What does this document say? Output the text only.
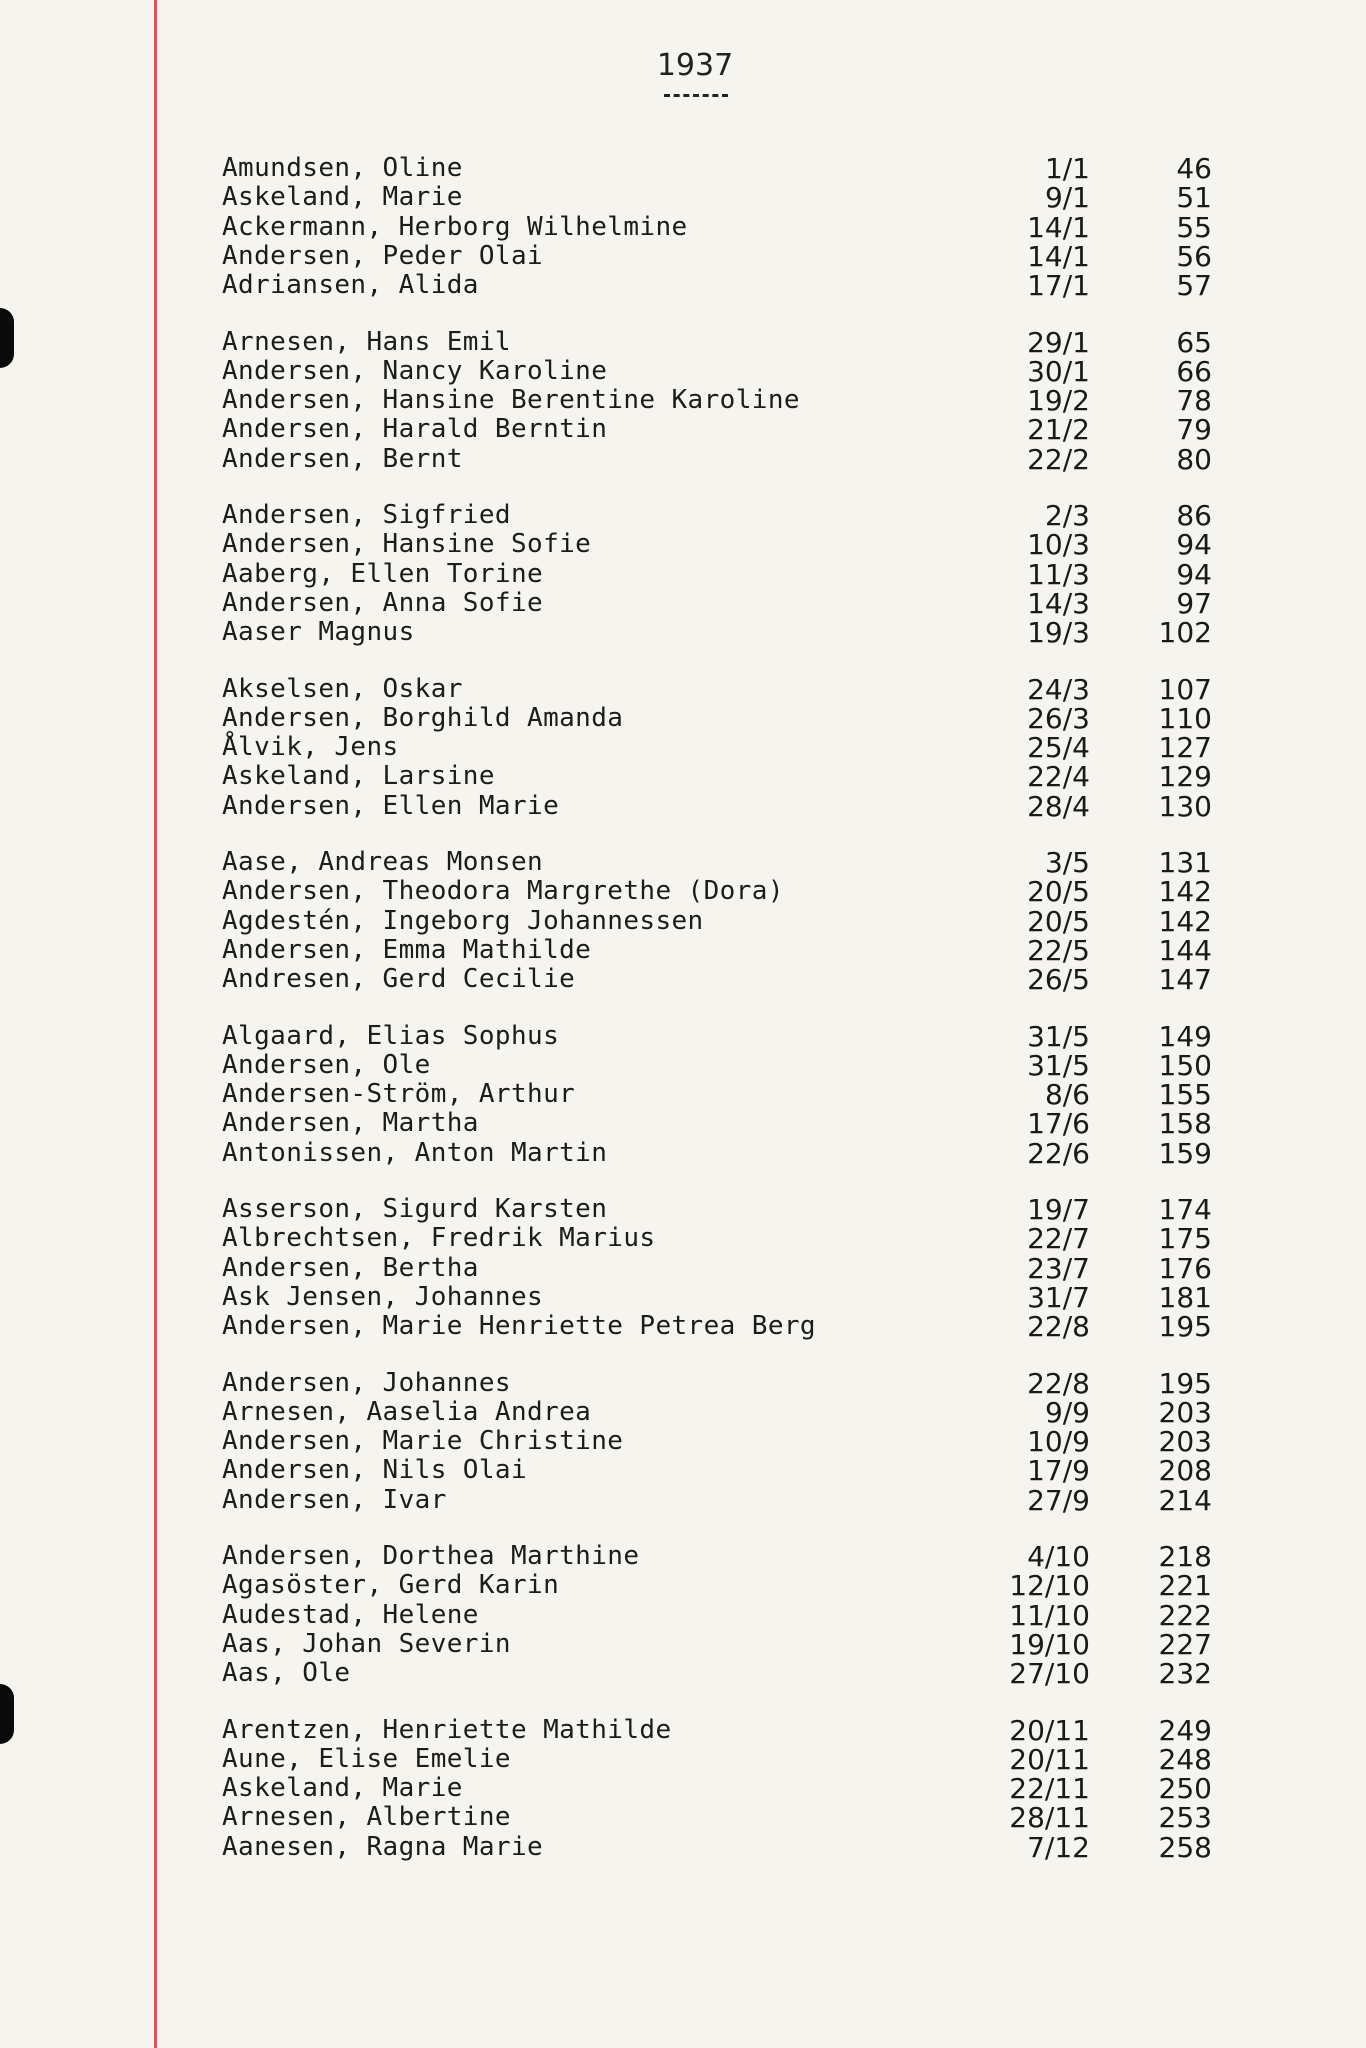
1937
Amundsen, Oline	1/1	46
Askeland, Marie	9/1	51
Ackermann, Herborg Wilhelmine	14/1	55
Andersen, Peder Olai	14/1	56
Adriansen, Alida	17/1	57
Arnesen, Hans Emil	29/1	65
Andersen, Nancy Karoline	30/1	66
Andersen, Hansine Berentine Karoline	19/2	78
Andersen, Harald Berntin	21/2	79
Andersen, Bernt	22/2	80
Andersen, Sigfried	2/3	86
Andersen, Hansine Sofie	10/3	94
Aaberg, Ellen Torine	11/3	94
Andersen, Anna Sofie	14/3	97
Aaser Magnus	19/3	102
Akselsen, Oskar	24/3	107
Andersen, Borghild Amanda	26/3	110
Ålvik, Jens	25/4	127
Askeland, Larsine	22/4	129
Andersen, Ellen Marie	28/4	130
Aase, Andreas Monsen	3/5	131
Andersen, Theodora Margrethe (Dora)	20/5	142
Agdestén, Ingeborg Johannessen	20/5	142
Andersen, Emma Mathilde	22/5	144
Andresen, Gerd Cecilie	26/5	147
Algaard, Elias Sophus	31/5	149
Andersen, Ole	31/5	150
Andersen-Ström, Arthur	8/6	155
Andersen, Martha	17/6	158
Antonissen, Anton Martin	22/6	159
Asserson, Sigurd Karsten	19/7	174
Albrechtsen, Fredrik Marius	22/7	175
Andersen, Bertha	23/7	176
Ask Jensen, Johannes	31/7	181
Andersen, Marie Henriette Petrea Berg	22/8	195
Andersen, Johannes	22/8	195
Arnesen, Aaselia Andrea	9/9	203
Andersen, Marie Christine	10/9	203
Andersen, Nils Olai	17/9	208
Andersen, Ivar	27/9	214
Andersen, Dorthea Marthine	4/10	218
Agasöster, Gerd Karin	12/10	221
Audestad, Helene	11/10	222
Aas, Johan Severin	19/10	227
Aas, Ole	27/10	232
Arentzen, Henriette Mathilde	20/11	249
Aune, Elise Emelie	20/11	248
Askeland, Marie	22/11	250
Arnesen, Albertine	28/11	253
Aanesen, Ragna Marie	7/12	258
